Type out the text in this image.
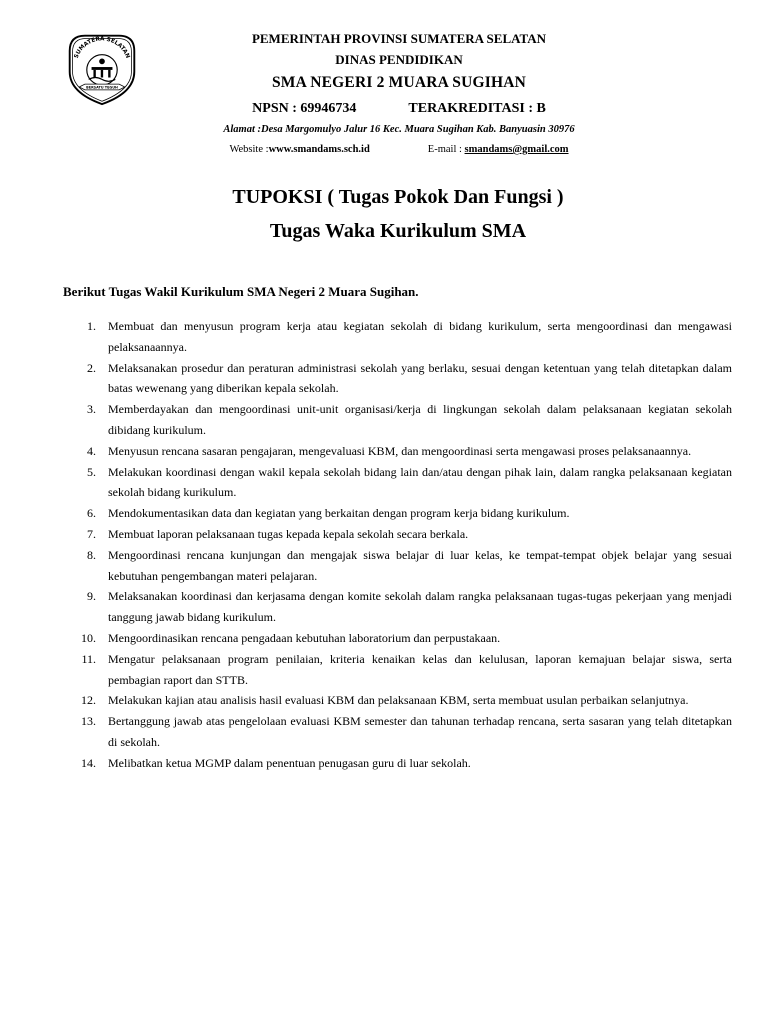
SUMATERA SELATAN
BERSATU TEGUH
PEMERINTAH PROVINSI SUMATERA SELATAN
DINAS PENDIDIKAN
SMA NEGERI 2 MUARA SUGIHAN
NPSN : 69946734	TERAKREDITASI : B
Alamat :Desa Margomulyo Jalur 16 Kec. Muara Sugihan Kab. Banyuasin 30976
Website :www.smandams.sch.id	E-mail : smandams@gmail.com
TUPOKSI ( Tugas Pokok Dan Fungsi )
Tugas Waka Kurikulum SMA
Berikut Tugas Wakil Kurikulum SMA Negeri 2 Muara Sugihan.
1. Membuat dan menyusun program kerja atau kegiatan sekolah di bidang kurikulum, serta mengoordinasi dan mengawasi pelaksanaannya.
2. Melaksanakan prosedur dan peraturan administrasi sekolah yang berlaku, sesuai dengan ketentuan yang telah ditetapkan dalam batas wewenang yang diberikan kepala sekolah.
3. Memberdayakan dan mengoordinasi unit-unit organisasi/kerja di lingkungan sekolah dalam pelaksanaan kegiatan sekolah dibidang kurikulum.
4. Menyusun rencana sasaran pengajaran, mengevaluasi KBM, dan mengoordinasi serta mengawasi proses pelaksanaannya.
5. Melakukan koordinasi dengan wakil kepala sekolah bidang lain dan/atau dengan pihak lain, dalam rangka pelaksanaan kegiatan sekolah bidang kurikulum.
6. Mendokumentasikan data dan kegiatan yang berkaitan dengan program kerja bidang kurikulum.
7. Membuat laporan pelaksanaan tugas kepada kepala sekolah secara berkala.
8. Mengoordinasi rencana kunjungan dan mengajak siswa belajar di luar kelas, ke tempat-tempat objek belajar yang sesuai kebutuhan pengembangan materi pelajaran.
9. Melaksanakan koordinasi dan kerjasama dengan komite sekolah dalam rangka pelaksanaan tugas-tugas pekerjaan yang menjadi tanggung jawab bidang kurikulum.
10. Mengoordinasikan rencana pengadaan kebutuhan laboratorium dan perpustakaan.
11. Mengatur pelaksanaan program penilaian, kriteria kenaikan kelas dan kelulusan, laporan kemajuan belajar siswa, serta pembagian raport dan STTB.
12. Melakukan kajian atau analisis hasil evaluasi KBM dan pelaksanaan KBM, serta membuat usulan perbaikan selanjutnya.
13. Bertanggung jawab atas pengelolaan evaluasi KBM semester dan tahunan terhadap rencana, serta sasaran yang telah ditetapkan di sekolah.
14. Melibatkan ketua MGMP dalam penentuan penugasan guru di luar sekolah.
